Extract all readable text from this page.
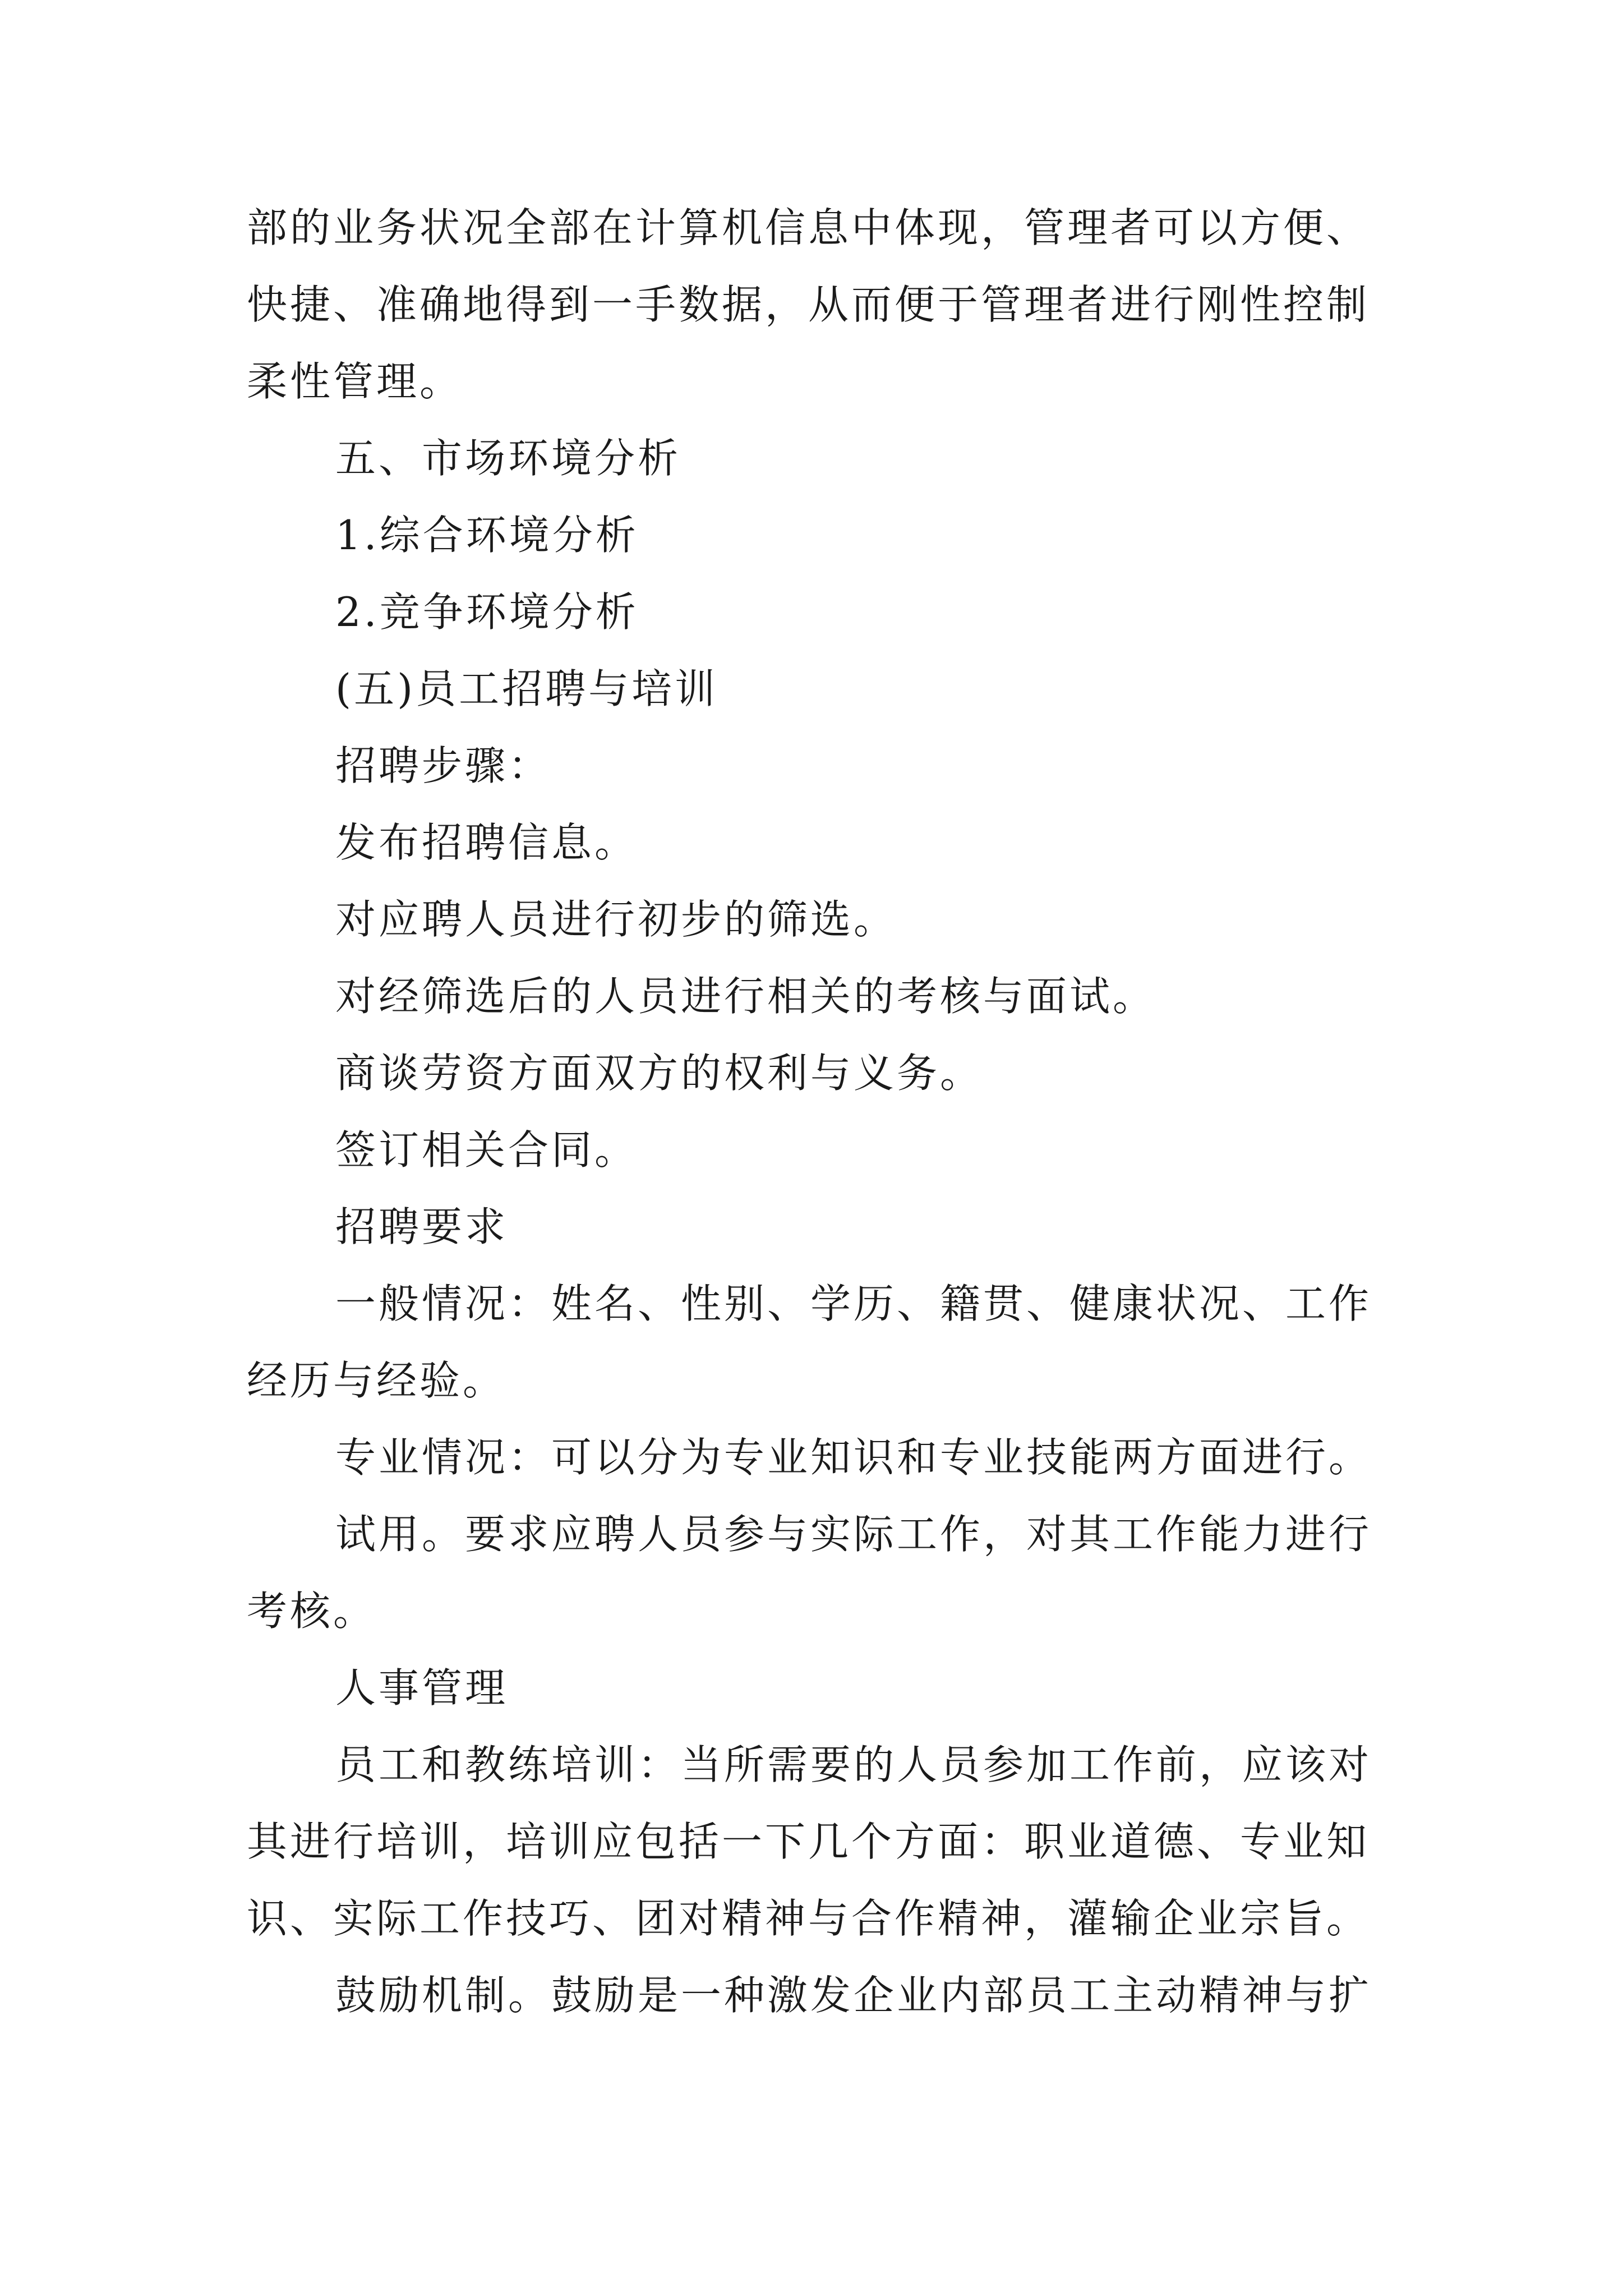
部的业务状况全部在计算机信息中体现，管理者可以方便、

快捷、准确地得到一手数据，从而便于管理者进行刚性控制

柔性管理。

五、市场环境分析

1.综合环境分析

2.竞争环境分析

(五)员工招聘与培训

招聘步骤：

发布招聘信息。

对应聘人员进行初步的筛选。

对经筛选后的人员进行相关的考核与面试。

商谈劳资方面双方的权利与义务。

签订相关合同。

招聘要求

一般情况：姓名、性别、学历、籍贯、健康状况、工作

经历与经验。

专业情况：可以分为专业知识和专业技能两方面进行。

试用。要求应聘人员参与实际工作，对其工作能力进行

考核。

人事管理

员工和教练培训：当所需要的人员参加工作前，应该对

其进行培训，培训应包括一下几个方面：职业道德、专业知

识、实际工作技巧、团对精神与合作精神，灌输企业宗旨。

鼓励机制。鼓励是一种激发企业内部员工主动精神与扩
